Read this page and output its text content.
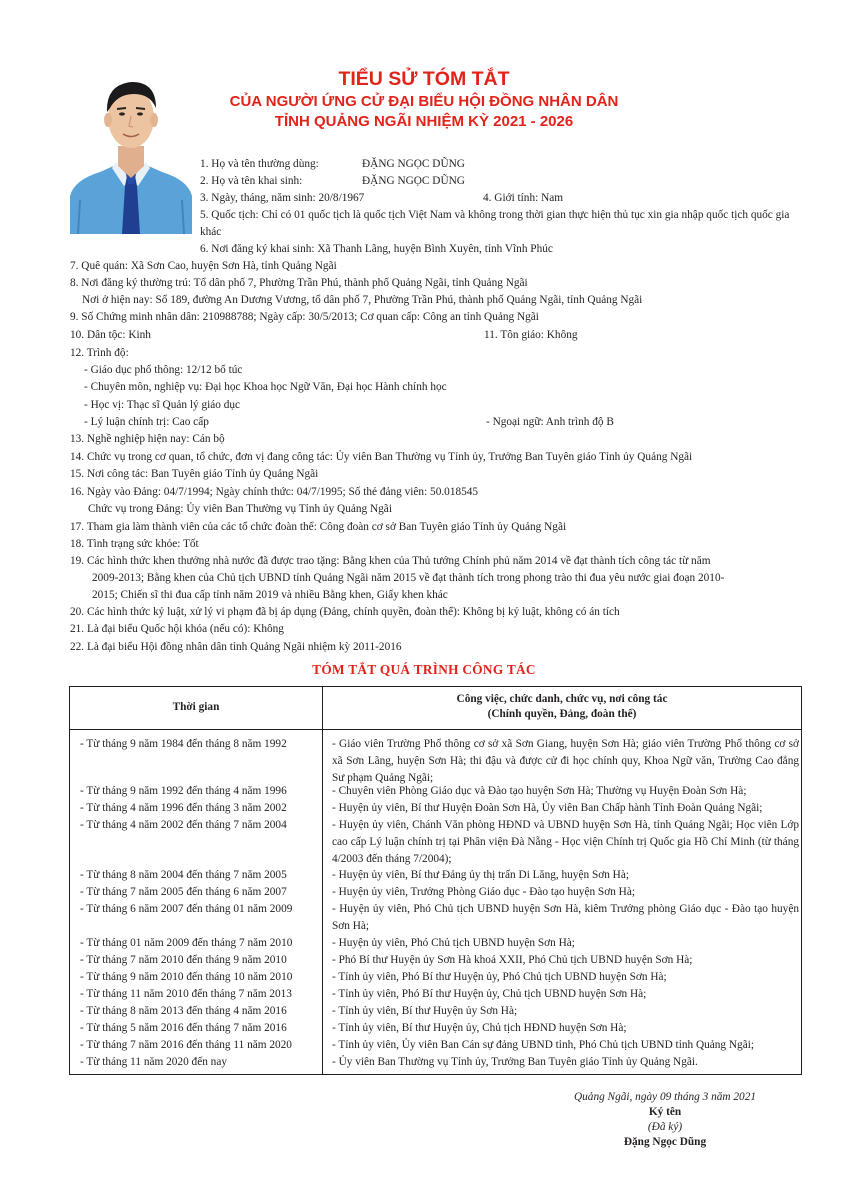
TIỂU SỬ TÓM TẮT
CỦA NGƯỜI ỨNG CỬ ĐẠI BIỂU HỘI ĐỒNG NHÂN DÂN
TỈNH QUẢNG NGÃI NHIỆM KỲ 2021 - 2026
1. Họ và tên thường dùng:	ĐẶNG NGỌC DŨNG
2. Họ và tên khai sinh:	ĐẶNG NGỌC DŨNG
3. Ngày, tháng, năm sinh: 20/8/1967	4. Giới tính: Nam
5. Quốc tịch: Chỉ có 01 quốc tịch là quốc tịch Việt Nam và không trong thời gian thực hiện thủ tục xin gia nhập quốc tịch quốc gia khác
6. Nơi đăng ký khai sinh: Xã Thanh Lãng, huyện Bình Xuyên, tỉnh Vĩnh Phúc
7. Quê quán: Xã Sơn Cao, huyện Sơn Hà, tỉnh Quảng Ngãi
8. Nơi đăng ký thường trú: Tổ dân phố 7, Phường Trần Phú, thành phố Quảng Ngãi, tỉnh Quảng Ngãi
Nơi ở hiện nay: Số 189, đường An Dương Vương, tổ dân phố 7, Phường Trần Phú, thành phố Quảng Ngãi, tỉnh Quảng Ngãi
9. Số Chứng minh nhân dân: 210988788; Ngày cấp: 30/5/2013; Cơ quan cấp: Công an tỉnh Quảng Ngãi
10. Dân tộc: Kinh	11. Tôn giáo: Không
12. Trình độ:
- Giáo dục phổ thông: 12/12 bổ túc
- Chuyên môn, nghiệp vụ: Đại học Khoa học Ngữ Văn, Đại học Hành chính học
- Học vị: Thạc sĩ Quản lý giáo dục
- Lý luận chính trị: Cao cấp	- Ngoại ngữ: Anh trình độ B
13. Nghề nghiệp hiện nay: Cán bộ
14. Chức vụ trong cơ quan, tổ chức, đơn vị đang công tác: Ủy viên Ban Thường vụ Tỉnh ủy, Trưởng Ban Tuyên giáo Tỉnh ủy Quảng Ngãi
15. Nơi công tác: Ban Tuyên giáo Tỉnh ủy Quảng Ngãi
16. Ngày vào Đảng: 04/7/1994; Ngày chính thức: 04/7/1995; Số thẻ đảng viên: 50.018545
Chức vụ trong Đảng: Ủy viên Ban Thường vụ Tỉnh ủy Quảng Ngãi
17. Tham gia làm thành viên của các tổ chức đoàn thể: Công đoàn cơ sở Ban Tuyên giáo Tỉnh ủy Quảng Ngãi
18. Tình trạng sức khỏe: Tốt
19. Các hình thức khen thưởng nhà nước đã được trao tặng: Bằng khen của Thủ tướng Chính phủ năm 2014 về đạt thành tích công tác từ năm
2009-2013; Bằng khen của Chủ tịch UBND tỉnh Quảng Ngãi năm 2015 về đạt thành tích trong phong trào thi đua yêu nước giai đoạn 2010-
2015; Chiến sĩ thi đua cấp tỉnh năm 2019 và nhiều Bằng khen, Giấy khen khác
20. Các hình thức kỷ luật, xử lý vi phạm đã bị áp dụng (Đảng, chính quyền, đoàn thể): Không bị kỷ luật, không có án tích
21. Là đại biểu Quốc hội khóa (nếu có): Không
22. Là đại biểu Hội đồng nhân dân tỉnh Quảng Ngãi nhiệm kỳ 2011-2016
TÓM TẮT QUÁ TRÌNH CÔNG TÁC
Thời gian
Công việc, chức danh, chức vụ, nơi công tác
(Chính quyền, Đảng, đoàn thể)
- Từ tháng 9 năm 1984 đến tháng 8 năm 1992	- Giáo viên Trường Phổ thông cơ sở xã Sơn Giang, huyện Sơn Hà; giáo viên Trường Phổ thông cơ sở xã Sơn Lãng, huyện Sơn Hà; thi đậu và được cử đi học chính quy, Khoa Ngữ văn, Trường Cao đẳng Sư phạm Quảng Ngãi;
- Từ tháng 9 năm 1992 đến tháng 4 năm 1996	- Chuyên viên Phòng Giáo dục và Đào tạo huyện Sơn Hà; Thường vụ Huyện Đoàn Sơn Hà;
- Từ tháng 4 năm 1996 đến tháng 3 năm 2002	- Huyện ủy viên, Bí thư Huyện Đoàn Sơn Hà, Ủy viên Ban Chấp hành Tỉnh Đoàn Quảng Ngãi;
- Từ tháng 4 năm 2002 đến tháng 7 năm 2004	- Huyện ủy viên, Chánh Văn phòng HĐND và UBND huyện Sơn Hà, tỉnh Quảng Ngãi; Học viên Lớp cao cấp Lý luận chính trị tại Phân viện Đà Nẵng - Học viện Chính trị Quốc gia Hồ Chí Minh (từ tháng 4/2003 đến tháng 7/2004);
- Từ tháng 8 năm 2004 đến tháng 7 năm 2005	- Huyện ủy viên, Bí thư Đảng ủy thị trấn Di Lăng, huyện Sơn Hà;
- Từ tháng 7 năm 2005 đến tháng 6 năm 2007	- Huyện ủy viên, Trưởng Phòng Giáo dục - Đào tạo huyện Sơn Hà;
- Từ tháng 6 năm 2007 đến tháng 01 năm 2009	- Huyện ủy viên, Phó Chủ tịch UBND huyện Sơn Hà, kiêm Trưởng phòng Giáo dục - Đào tạo huyện Sơn Hà;
- Từ tháng 01 năm 2009 đến tháng 7 năm 2010	- Huyện ủy viên, Phó Chủ tịch UBND huyện Sơn Hà;
- Từ tháng 7 năm 2010 đến tháng 9 năm 2010	- Phó Bí thư Huyện ủy Sơn Hà khoá XXII, Phó Chủ tịch UBND huyện Sơn Hà;
- Từ tháng 9 năm 2010 đến tháng 10 năm 2010	- Tỉnh ủy viên, Phó Bí thư Huyện ủy, Phó Chủ tịch UBND huyện Sơn Hà;
- Từ tháng 11 năm 2010 đến tháng 7 năm 2013	- Tỉnh ủy viên, Phó Bí thư Huyện ủy, Chủ tịch UBND huyện Sơn Hà;
- Từ tháng 8 năm 2013 đến tháng 4 năm 2016	- Tỉnh ủy viên, Bí thư Huyện ủy Sơn Hà;
- Từ tháng 5 năm 2016 đến tháng 7 năm 2016	- Tỉnh ủy viên, Bí thư Huyện ủy, Chủ tịch HĐND huyện Sơn Hà;
- Từ tháng 7 năm 2016 đến tháng 11 năm 2020	- Tỉnh ủy viên, Ủy viên Ban Cán sự đảng UBND tỉnh, Phó Chủ tịch UBND tỉnh Quảng Ngãi;
- Từ tháng 11 năm 2020 đến nay	- Ủy viên Ban Thường vụ Tỉnh ủy, Trưởng Ban Tuyên giáo Tỉnh ủy Quảng Ngãi.
Quảng Ngãi, ngày 09 tháng 3 năm 2021
Ký tên
(Đã ký)
Đặng Ngọc Dũng
